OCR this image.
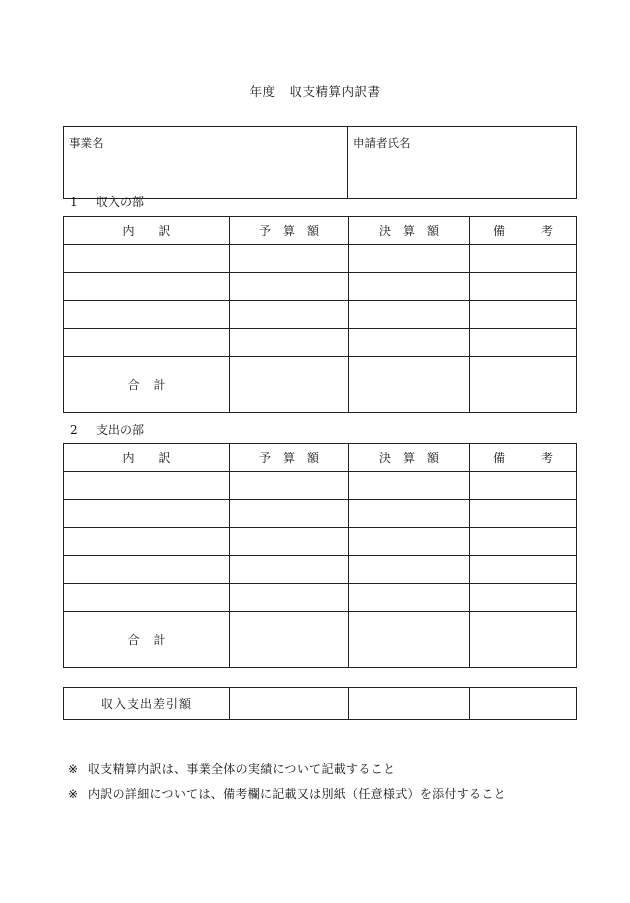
年度 収支精算内訳書
事業名	申請者氏名
1 収入の部
内　　訳	予　算　額	決　算　額	備　　　考

合計			
2 支出の部
内　　訳	予　算　額	決　算　額	備　　　考

合計			
収入支出差引額			
※ 収支精算内訳は、事業全体の実績について記載すること
※ 内訳の詳細については、備考欄に記載又は別紙（任意様式）を添付すること
